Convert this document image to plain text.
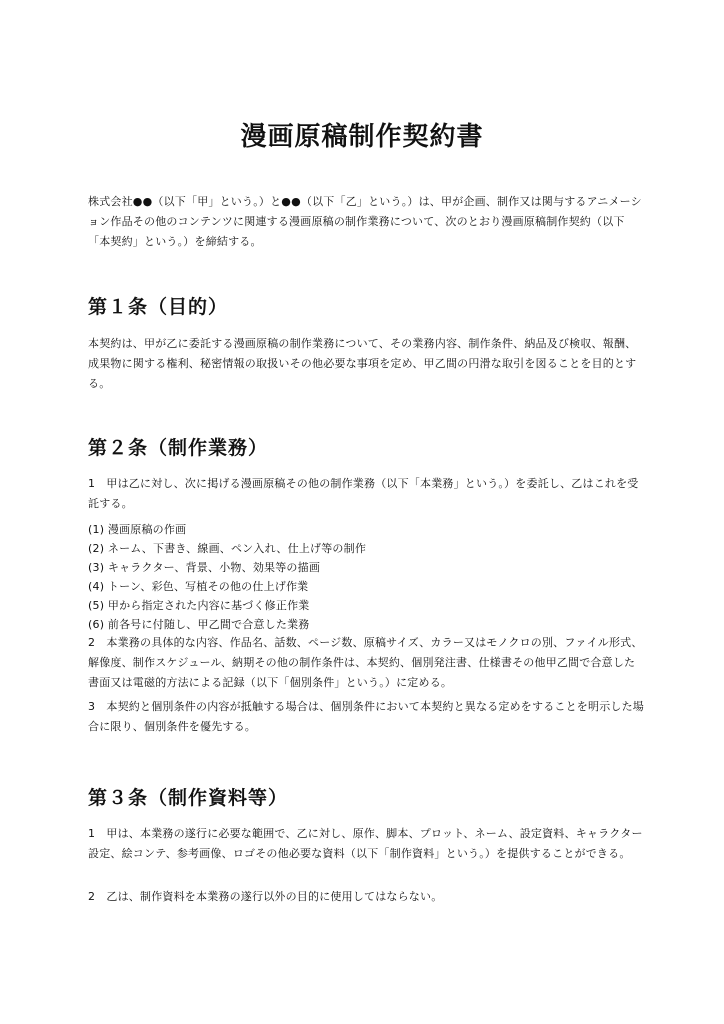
漫画原稿制作契約書

株式会社●●（以下「甲」という。）と●●（以下「乙」という。）は、甲が企画、制作又は関与するアニメーション作品その他のコンテンツに関連する漫画原稿の制作業務について、次のとおり漫画原稿制作契約（以下「本契約」という。）を締結する。

第１条（目的）

本契約は、甲が乙に委託する漫画原稿の制作業務について、その業務内容、制作条件、納品及び検収、報酬、成果物に関する権利、秘密情報の取扱いその他必要な事項を定め、甲乙間の円滑な取引を図ることを目的とする。

第２条（制作業務）

1　甲は乙に対し、次に掲げる漫画原稿その他の制作業務（以下「本業務」という。）を委託し、乙はこれを受託する。

(1) 漫画原稿の作画
(2) ネーム、下書き、線画、ペン入れ、仕上げ等の制作
(3) キャラクター、背景、小物、効果等の描画
(4) トーン、彩色、写植その他の仕上げ作業
(5) 甲から指定された内容に基づく修正作業
(6) 前各号に付随し、甲乙間で合意した業務

2　本業務の具体的な内容、作品名、話数、ページ数、原稿サイズ、カラー又はモノクロの別、ファイル形式、解像度、制作スケジュール、納期その他の制作条件は、本契約、個別発注書、仕様書その他甲乙間で合意した書面又は電磁的方法による記録（以下「個別条件」という。）に定める。

3　本契約と個別条件の内容が抵触する場合は、個別条件において本契約と異なる定めをすることを明示した場合に限り、個別条件を優先する。

第３条（制作資料等）

1　甲は、本業務の遂行に必要な範囲で、乙に対し、原作、脚本、プロット、ネーム、設定資料、キャラクター設定、絵コンテ、参考画像、ロゴその他必要な資料（以下「制作資料」という。）を提供することができる。

2　乙は、制作資料を本業務の遂行以外の目的に使用してはならない。
